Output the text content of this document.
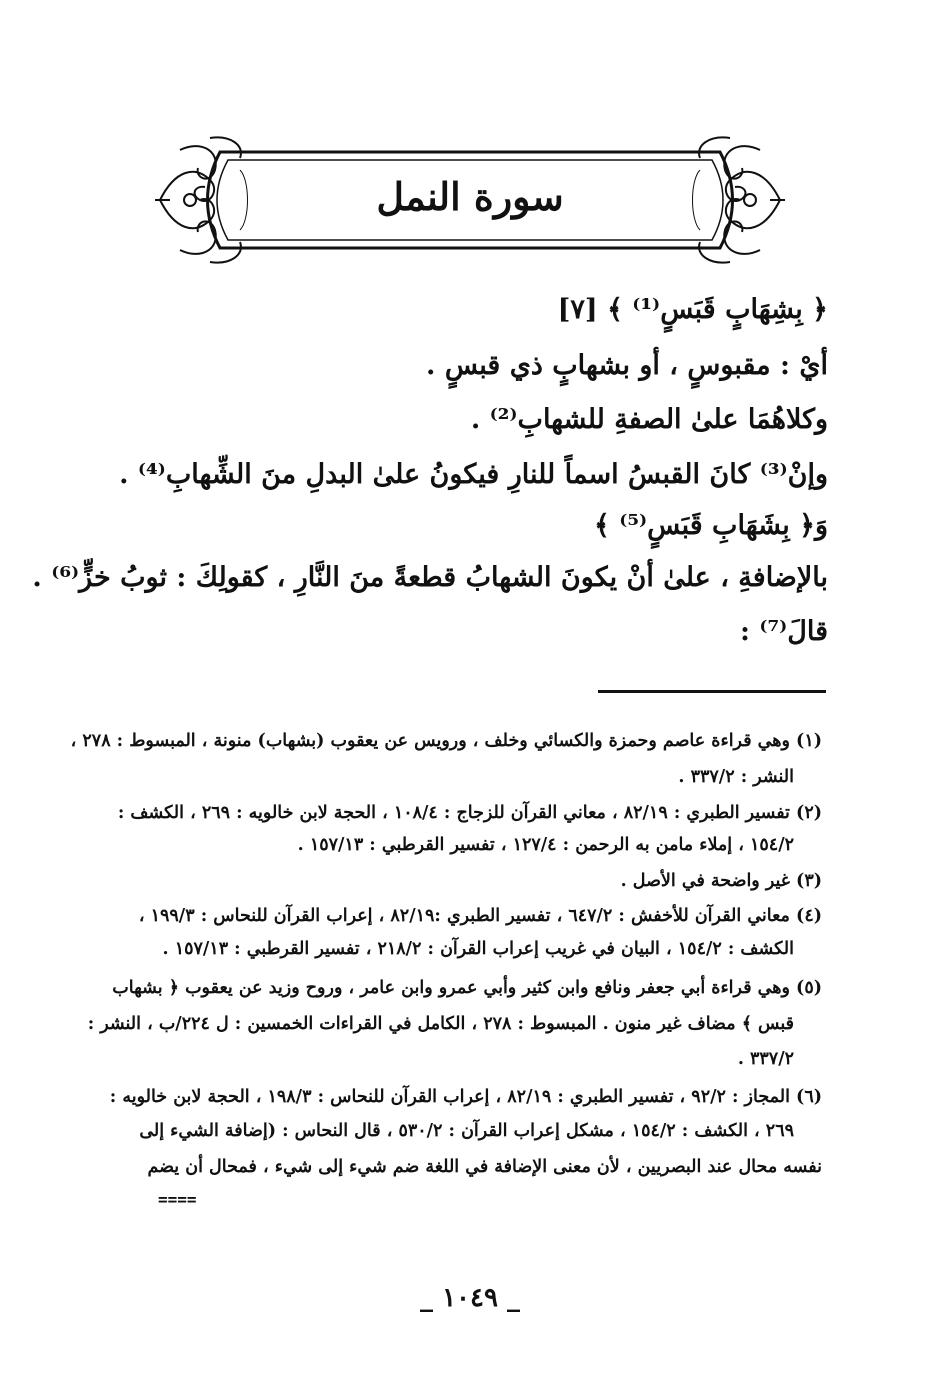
سورة النمل
﴿ بِشِهَابٍ قَبَسٍ⁽¹⁾ ﴾ [٧]
أيْ : مقبوسٍ ، أو بشهابٍ ذي قبسٍ .
وكلاهُمَا علىٰ الصفةِ للشهابِ⁽²⁾ .
وإنْ⁽³⁾ كانَ القبسُ اسماً للنارِ فيكونُ علىٰ البدلِ منَ الشِّهابِ⁽⁴⁾ .
وَ﴿ بِشَهَابِ قَبَسٍ⁽⁵⁾ ﴾
بالإضافةِ ، علىٰ أنْ يكونَ الشهابُ قطعةً منَ النَّارِ ، كقولِكَ : ثوبُ خزٍّ⁽⁶⁾ .
قالَ⁽⁷⁾ :
(١) وهي قراءة عاصم وحمزة والكسائي وخلف ، ورويس عن يعقوب (بشهاب) منونة ، المبسوط : ٢٧٨ ،
النشر : ٣٣٧/٢ .
(٢) تفسير الطبري : ٨٢/١٩ ، معاني القرآن للزجاج : ١٠٨/٤ ، الحجة لابن خالويه : ٢٦٩ ، الكشف :
١٥٤/٢ ، إملاء مامن به الرحمن : ١٢٧/٤ ، تفسير القرطبي : ١٥٧/١٣ .
(٣) غير واضحة في الأصل .
(٤) معاني القرآن للأخفش : ٦٤٧/٢ ، تفسير الطبري :٨٢/١٩ ، إعراب القرآن للنحاس : ١٩٩/٣ ،
الكشف : ١٥٤/٢ ، البيان في غريب إعراب القرآن : ٢١٨/٢ ، تفسير القرطبي : ١٥٧/١٣ .
(٥) وهي قراءة أبي جعفر ونافع وابن كثير وأبي عمرو وابن عامر ، وروح وزيد عن يعقوب ﴿ بشهاب
قبس ﴾ مضاف غير منون . المبسوط : ٢٧٨ ، الكامل في القراءات الخمسين : ل ٢٢٤/ب ، النشر :
٣٣٧/٢ .
(٦) المجاز : ٩٢/٢ ، تفسير الطبري : ٨٢/١٩ ، إعراب القرآن للنحاس : ١٩٨/٣ ، الحجة لابن خالويه :
٢٦٩ ، الكشف : ١٥٤/٢ ، مشكل إعراب القرآن : ٥٣٠/٢ ، قال النحاس : (إضافة الشيء إلى
نفسه محال عند البصريين ، لأن معنى الإضافة في اللغة ضم شيء إلى شيء ، فمحال أن يضم
====
_ ١٠٤٩ _
